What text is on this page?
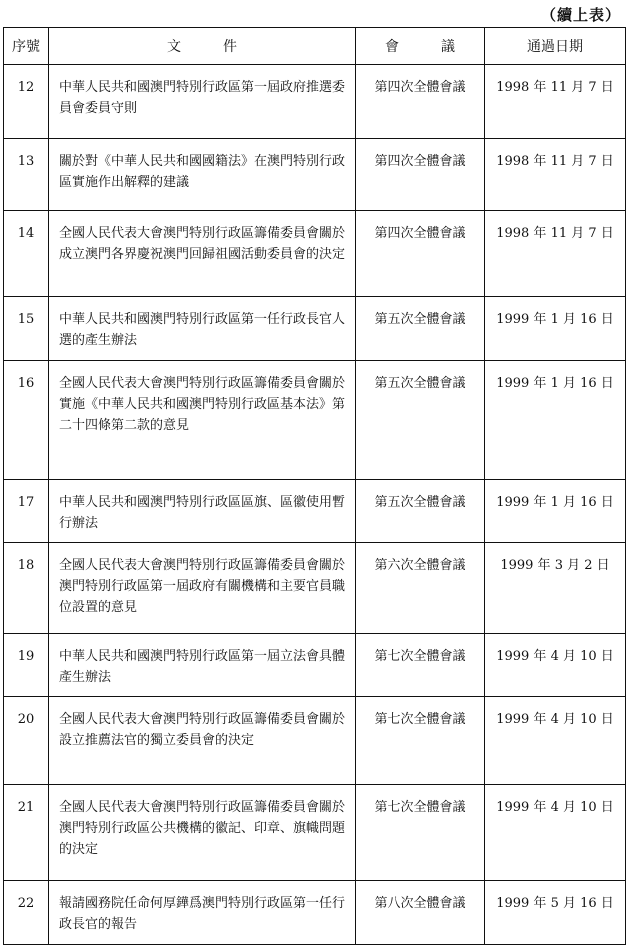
（續上表）
序號	文　件	會　議	通過日期
12	中華人民共和國澳門特別行政區第一屆政府推選委員會委員守則	第四次全體會議	1998 年 11 月 7 日
13	關於對《中華人民共和國國籍法》在澳門特別行政區實施作出解釋的建議	第四次全體會議	1998 年 11 月 7 日
14	全國人民代表大會澳門特別行政區籌備委員會關於成立澳門各界慶祝澳門回歸祖國活動委員會的決定	第四次全體會議	1998 年 11 月 7 日
15	中華人民共和國澳門特別行政區第一任行政長官人選的產生辦法	第五次全體會議	1999 年 1 月 16 日
16	全國人民代表大會澳門特別行政區籌備委員會關於實施《中華人民共和國澳門特別行政區基本法》第二十四條第二款的意見	第五次全體會議	1999 年 1 月 16 日
17	中華人民共和國澳門特別行政區區旗、區徽使用暫行辦法	第五次全體會議	1999 年 1 月 16 日
18	全國人民代表大會澳門特別行政區籌備委員會關於澳門特別行政區第一屆政府有關機構和主要官員職位設置的意見	第六次全體會議	1999 年 3 月 2 日
19	中華人民共和國澳門特別行政區第一屆立法會具體產生辦法	第七次全體會議	1999 年 4 月 10 日
20	全國人民代表大會澳門特別行政區籌備委員會關於設立推薦法官的獨立委員會的決定	第七次全體會議	1999 年 4 月 10 日
21	全國人民代表大會澳門特別行政區籌備委員會關於澳門特別行政區公共機構的徽記、印章、旗幟問題的決定	第七次全體會議	1999 年 4 月 10 日
22	報請國務院任命何厚鏵爲澳門特別行政區第一任行政長官的報告	第八次全體會議	1999 年 5 月 16 日
